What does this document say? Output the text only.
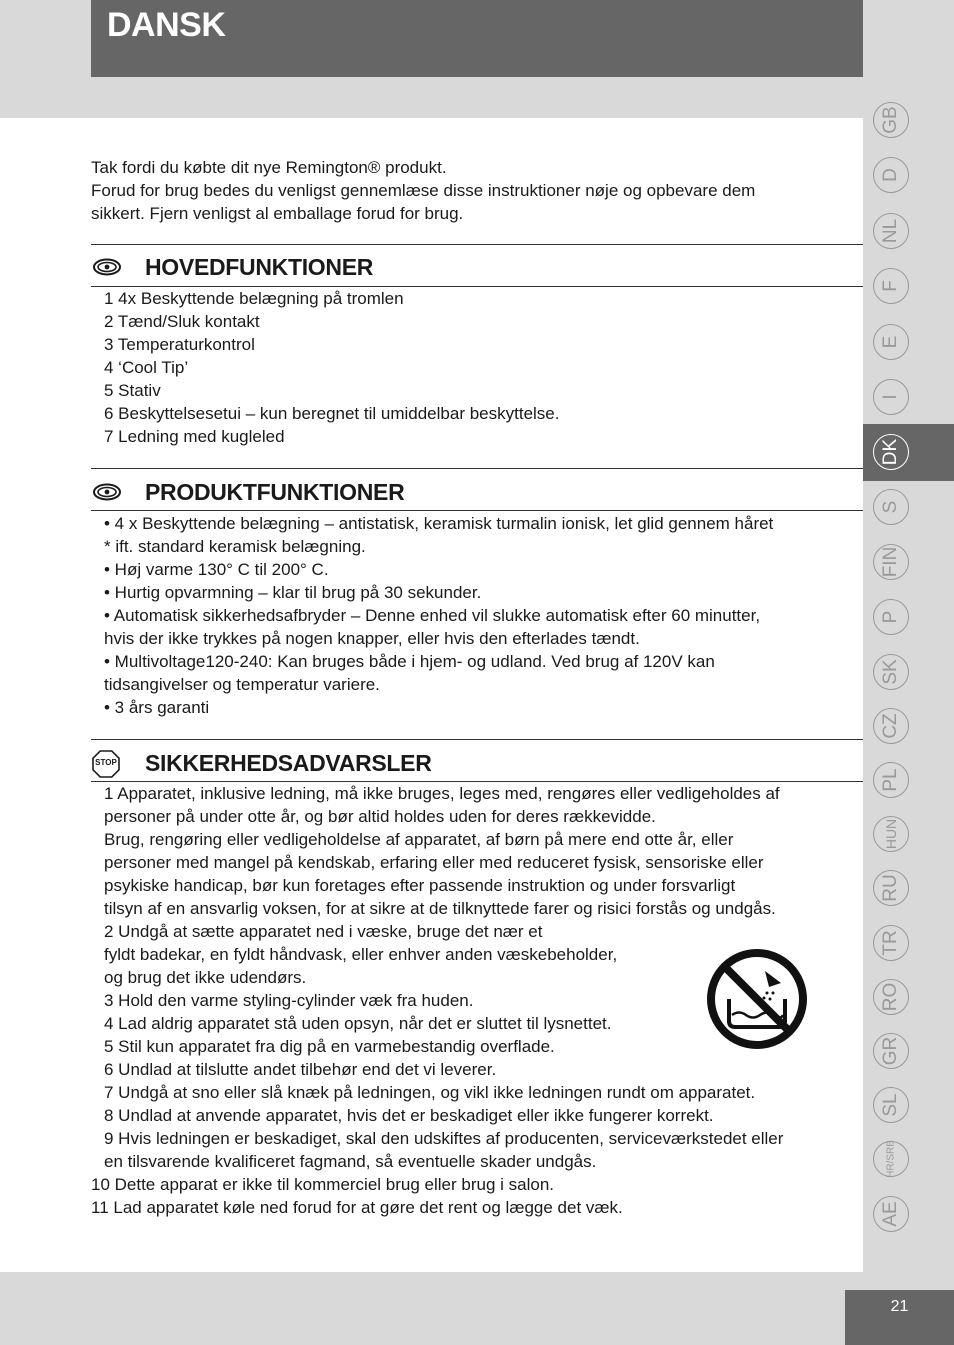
DANSK
Tak fordi du købte dit nye Remington® produkt.
Forud for brug bedes du venligst gennemlæse disse instruktioner nøje og opbevare dem
sikkert. Fjern venligst al emballage forud for brug.
HOVEDFUNKTIONER
1 4x Beskyttende belægning på tromlen
2 Tænd/Sluk kontakt
3 Temperaturkontrol
4 ‘Cool Tip’
5 Stativ
6 Beskyttelsesetui – kun beregnet til umiddelbar beskyttelse.
7 Ledning med kugleled
PRODUKTFUNKTIONER
• 4 x Beskyttende belægning – antistatisk, keramisk turmalin ionisk, let glid gennem håret
* ift. standard keramisk belægning.
• Høj varme 130° C til 200° C.
• Hurtig opvarmning – klar til brug på 30 sekunder.
• Automatisk sikkerhedsafbryder – Denne enhed vil slukke automatisk efter 60 minutter,
hvis der ikke trykkes på nogen knapper, eller hvis den efterlades tændt.
• Multivoltage120-240: Kan bruges både i hjem- og udland. Ved brug af 120V kan
tidsangivelser og temperatur variere.
• 3 års garanti
STOP SIKKERHEDSADVARSLER
1 Apparatet, inklusive ledning, må ikke bruges, leges med, rengøres eller vedligeholdes af
personer på under otte år, og bør altid holdes uden for deres rækkevidde.
Brug, rengøring eller vedligeholdelse af apparatet, af børn på mere end otte år, eller
personer med mangel på kendskab, erfaring eller med reduceret fysisk, sensoriske eller
psykiske handicap, bør kun foretages efter passende instruktion og under forsvarligt
tilsyn af en ansvarlig voksen, for at sikre at de tilknyttede farer og risici forstås og undgås.
2 Undgå at sætte apparatet ned i væske, bruge det nær et
fyldt badekar, en fyldt håndvask, eller enhver anden væskebeholder,
og brug det ikke udendørs.
3 Hold den varme styling-cylinder væk fra huden.
4 Lad aldrig apparatet stå uden opsyn, når det er sluttet til lysnettet.
5 Stil kun apparatet fra dig på en varmebestandig overflade.
6 Undlad at tilslutte andet tilbehør end det vi leverer.
7 Undgå at sno eller slå knæk på ledningen, og vikl ikke ledningen rundt om apparatet.
8 Undlad at anvende apparatet, hvis det er beskadiget eller ikke fungerer korrekt.
9 Hvis ledningen er beskadiget, skal den udskiftes af producenten, serviceværkstedet eller
en tilsvarende kvalificeret fagmand, så eventuelle skader undgås.
10 Dette apparat er ikke til kommerciel brug eller brug i salon.
11 Lad apparatet køle ned forud for at gøre det rent og lægge det væk.
GB
D
NL
F
E
I
DK
S
FIN
P
SK
CZ
PL
HUN
RU
TR
RO
GR
SL
HR/SRB
AE
21
